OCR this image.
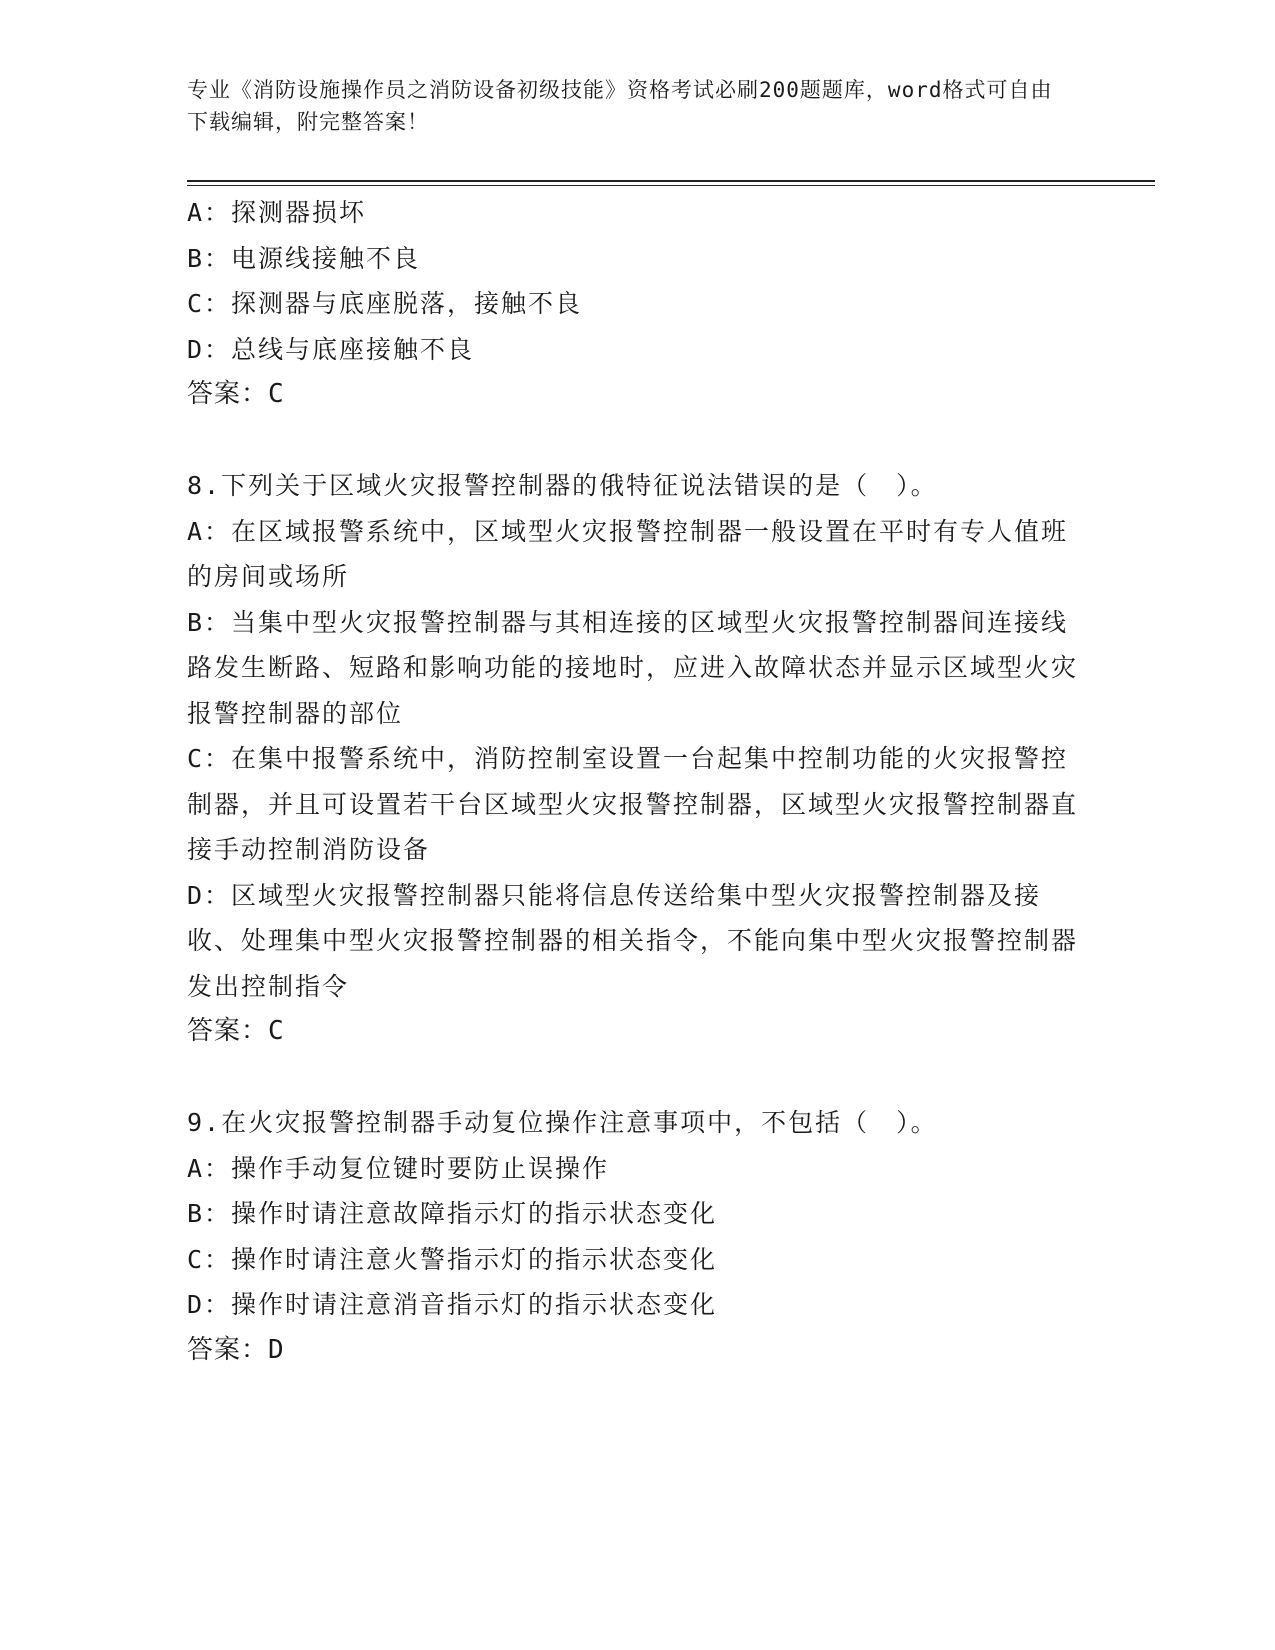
专业《消防设施操作员之消防设备初级技能》资格考试必刷200题题库，word格式可自由下载编辑，附完整答案！

A：探测器损坏

B：电源线接触不良

C：探测器与底座脱落，接触不良

D：总线与底座接触不良

答案：C

8.下列关于区域火灾报警控制器的俄特征说法错误的是（　）。

A：在区域报警系统中，区域型火灾报警控制器一般设置在平时有专人值班的房间或场所

B：当集中型火灾报警控制器与其相连接的区域型火灾报警控制器间连接线路发生断路、短路和影响功能的接地时，应进入故障状态并显示区域型火灾报警控制器的部位

C：在集中报警系统中，消防控制室设置一台起集中控制功能的火灾报警控制器，并且可设置若干台区域型火灾报警控制器，区域型火灾报警控制器直接手动控制消防设备

D：区域型火灾报警控制器只能将信息传送给集中型火灾报警控制器及接收、处理集中型火灾报警控制器的相关指令，不能向集中型火灾报警控制器发出控制指令

答案：C

9.在火灾报警控制器手动复位操作注意事项中，不包括（　）。

A：操作手动复位键时要防止误操作

B：操作时请注意故障指示灯的指示状态变化

C：操作时请注意火警指示灯的指示状态变化

D：操作时请注意消音指示灯的指示状态变化

答案：D
